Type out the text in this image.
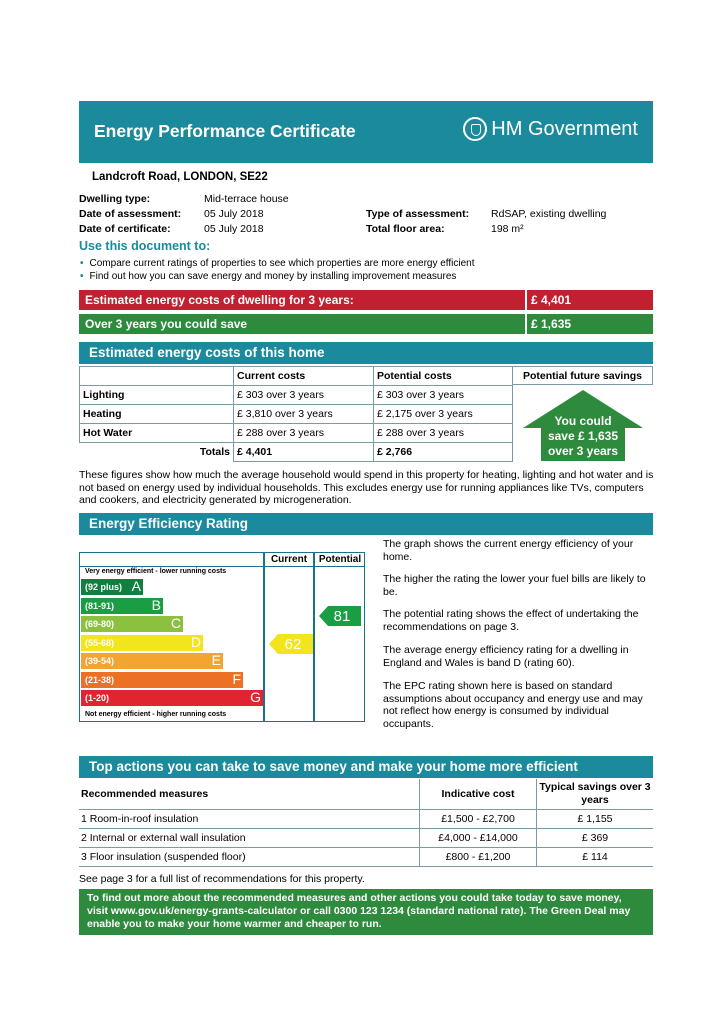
Energy Performance Certificate	HM Government
Landcroft Road, LONDON, SE22
Dwelling type:	Mid-terrace house
Date of assessment: 05 July 2018
Date of certificate:	05 July 2018
Type of assessment: RdSAP, existing dwelling
Total floor area:	198 m²
Use this document to:
• Compare current ratings of properties to see which properties are more energy efficient
• Find out how you can save energy and money by installing improvement measures
Estimated energy costs of dwelling for 3 years:	£ 4,401
Over 3 years you could save	£ 1,635
Estimated energy costs of this home
	Current costs	Potential costs
Lighting	£ 303 over 3 years	£ 303 over 3 years
Heating	£ 3,810 over 3 years	£ 2,175 over 3 years
Hot Water	£ 288 over 3 years	£ 288 over 3 years
Totals	£ 4,401	£ 2,766
Potential future savings
You could
save £ 1,635
over 3 years
These figures show how much the average household would spend in this property for heating, lighting and hot water and is not based on energy used by individual households. This excludes energy use for running appliances like TVs, computers and cookers, and electricity generated by microgeneration.
Energy Efficiency Rating
Current	Potential
Very energy efficient - lower running costs
Not energy efficient - higher running costs
(92 plus) A
(81-91)	B
(69-80)	C
(55-68)	D
(39-54)	E
(21-38)	F
(1-20)	G
62
81
The graph shows the current energy efficiency of your home.
The higher the rating the lower your fuel bills are likely to be.
The potential rating shows the effect of undertaking the recommendations on page 3.
The average energy efficiency rating for a dwelling in England and Wales is band D (rating 60).
The EPC rating shown here is based on standard assumptions about occupancy and energy use and may not reflect how energy is consumed by individual occupants.
Top actions you can take to save money and make your home more efficient
Recommended measures	Indicative cost	Typical savings over 3 years
1 Room-in-roof insulation	£1,500 - £2,700	£ 1,155
2 Internal or external wall insulation	£4,000 - £14,000	£ 369
3 Floor insulation (suspended floor)	£800 - £1,200	£ 114
See page 3 for a full list of recommendations for this property.
To find out more about the recommended measures and other actions you could take today to save money, visit www.gov.uk/energy-grants-calculator or call 0300 123 1234 (standard national rate). The Green Deal may enable you to make your home warmer and cheaper to run.
